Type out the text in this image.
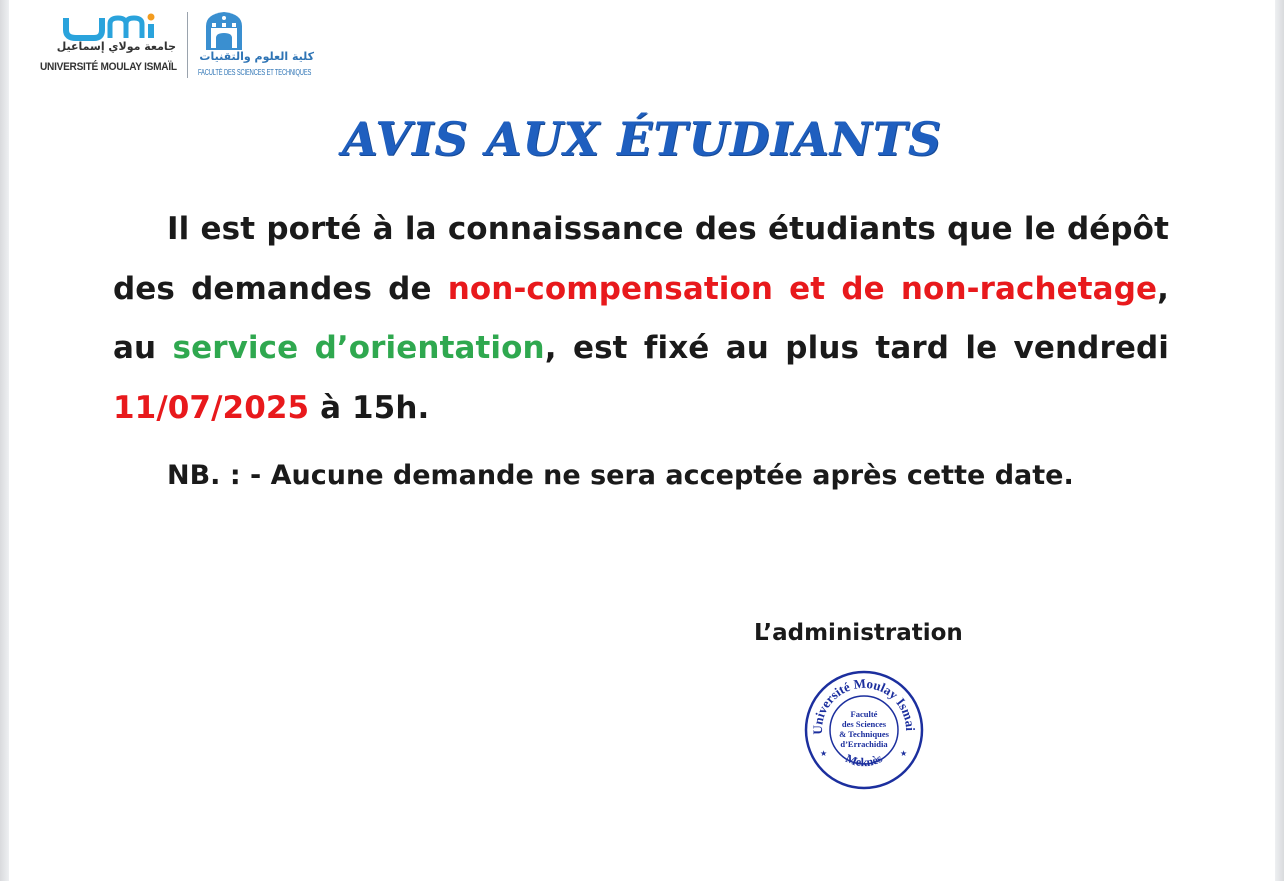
جامعة مولاي إسماعيل
UNIVERSITÉ MOULAY ISMAÏL
كلية العلوم والتقنيات
FACULTÉ DES SCIENCES ET TECHNIQUES
AVIS AUX ÉTUDIANTS
Il est porté à la connaissance des étudiants que le dépôt des demandes de non-compensation et de non-rachetage, au service d’orientation, est fixé au plus tard le vendredi 11/07/2025 à 15h.
NB. : - Aucune demande ne sera acceptée après cette date.
L’administration
Université Moulay Ismai
Meknès
★	★
Faculté
des Sciences
& Techniques
d’Errachidia
